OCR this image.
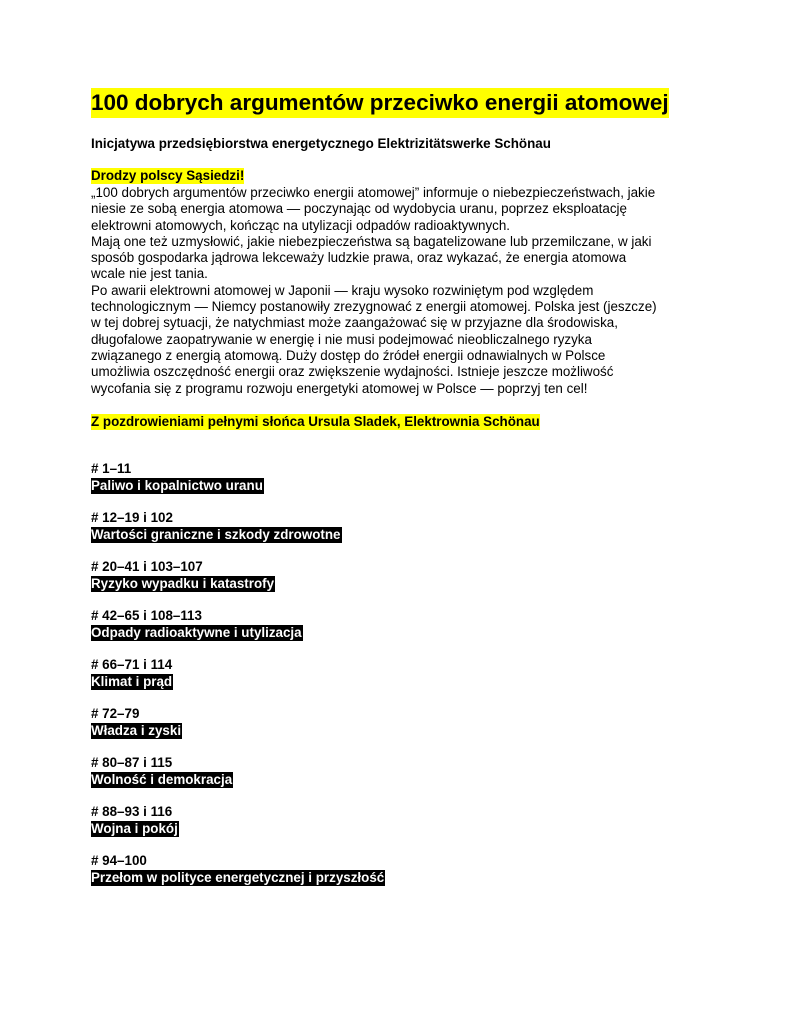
100 dobrych argumentów przeciwko energii atomowej
Inicjatywa przedsiębiorstwa energetycznego Elektrizitätswerke Schönau
Drodzy polscy Sąsiedzi!
„100 dobrych argumentów przeciwko energii atomowej” informuje o niebezpieczeństwach, jakie
niesie ze sobą energia atomowa — poczynając od wydobycia uranu, poprzez eksploatację
elektrowni atomowych, kończąc na utylizacji odpadów radioaktywnych.
Mają one też uzmysłowić, jakie niebezpieczeństwa są bagatelizowane lub przemilczane, w jaki
sposób gospodarka jądrowa lekceważy ludzkie prawa, oraz wykazać, że energia atomowa
wcale nie jest tania.
Po awarii elektrowni atomowej w Japonii — kraju wysoko rozwiniętym pod względem
technologicznym — Niemcy postanowiły zrezygnować z energii atomowej. Polska jest (jeszcze)
w tej dobrej sytuacji, że natychmiast może zaangażować się w przyjazne dla środowiska,
długofalowe zaopatrywanie w energię i nie musi podejmować nieobliczalnego ryzyka
związanego z energią atomową. Duży dostęp do źródeł energii odnawialnych w Polsce
umożliwia oszczędność energii oraz zwiększenie wydajności. Istnieje jeszcze możliwość
wycofania się z programu rozwoju energetyki atomowej w Polsce — poprzyj ten cel!
Z pozdrowieniami pełnymi słońca Ursula Sladek, Elektrownia Schönau
# 1–11
Paliwo i kopalnictwo uranu
# 12–19 i 102
Wartości graniczne i szkody zdrowotne
# 20–41 i 103–107
Ryzyko wypadku i katastrofy
# 42–65 i 108–113
Odpady radioaktywne i utylizacja
# 66–71 i 114
Klimat i prąd
# 72–79
Władza i zyski
# 80–87 i 115
Wolność i demokracja
# 88–93 i 116
Wojna i pokój
# 94–100
Przełom w polityce energetycznej i przyszłość
